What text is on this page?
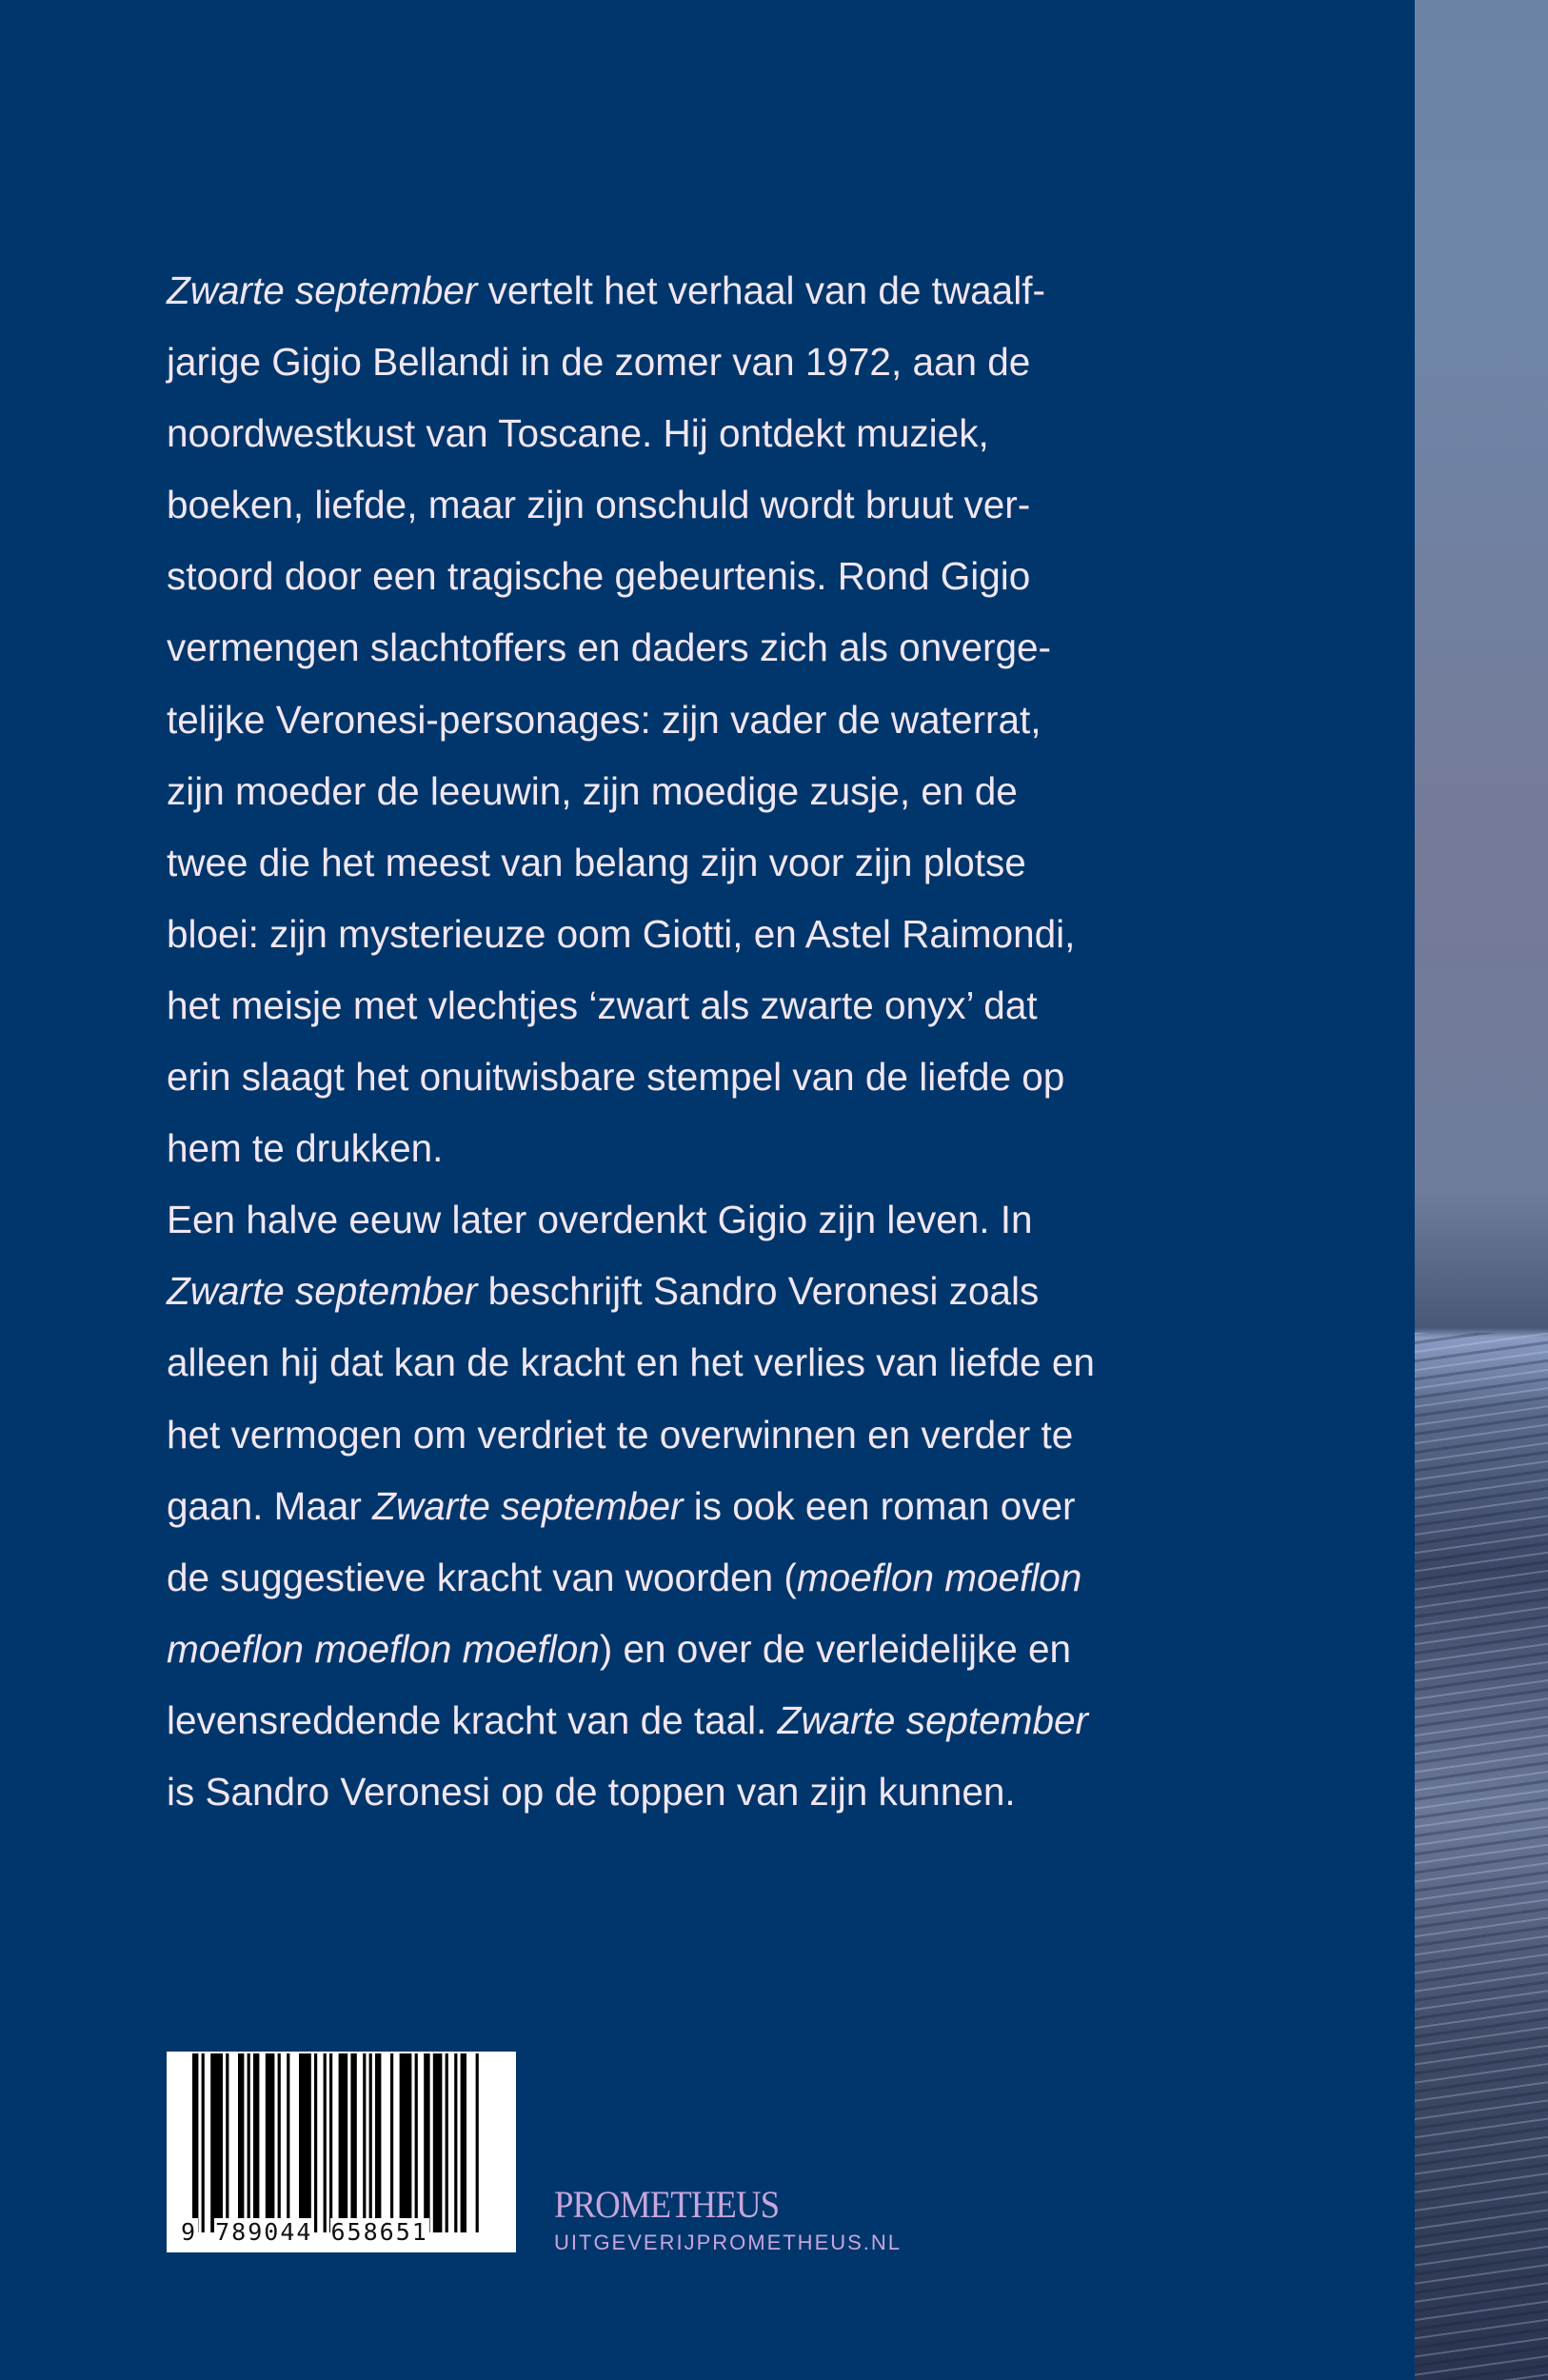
Zwarte september vertelt het verhaal van de twaalf-
jarige Gigio Bellandi in de zomer van 1972, aan de
noordwestkust van Toscane. Hij ontdekt muziek,
boeken, liefde, maar zijn onschuld wordt bruut ver-
stoord door een tragische gebeurtenis. Rond Gigio
vermengen slachtoffers en daders zich als onverge-
telijke Veronesi-personages: zijn vader de waterrat,
zijn moeder de leeuwin, zijn moedige zusje, en de
twee die het meest van belang zijn voor zijn plotse
bloei: zijn mysterieuze oom Giotti, en Astel Raimondi,
het meisje met vlechtjes ‘zwart als zwarte onyx’ dat
erin slaagt het onuitwisbare stempel van de liefde op
hem te drukken.
Een halve eeuw later overdenkt Gigio zijn leven. In
Zwarte september beschrijft Sandro Veronesi zoals
alleen hij dat kan de kracht en het verlies van liefde en
het vermogen om verdriet te overwinnen en verder te
gaan. Maar Zwarte september is ook een roman over
de suggestieve kracht van woorden (moeflon moeflon
moeflon moeflon moeflon) en over de verleidelijke en
levensreddende kracht van de taal. Zwarte september
is Sandro Veronesi op de toppen van zijn kunnen.
9 789044 658651
PROMETHEUS
UITGEVERIJPROMETHEUS.NL
